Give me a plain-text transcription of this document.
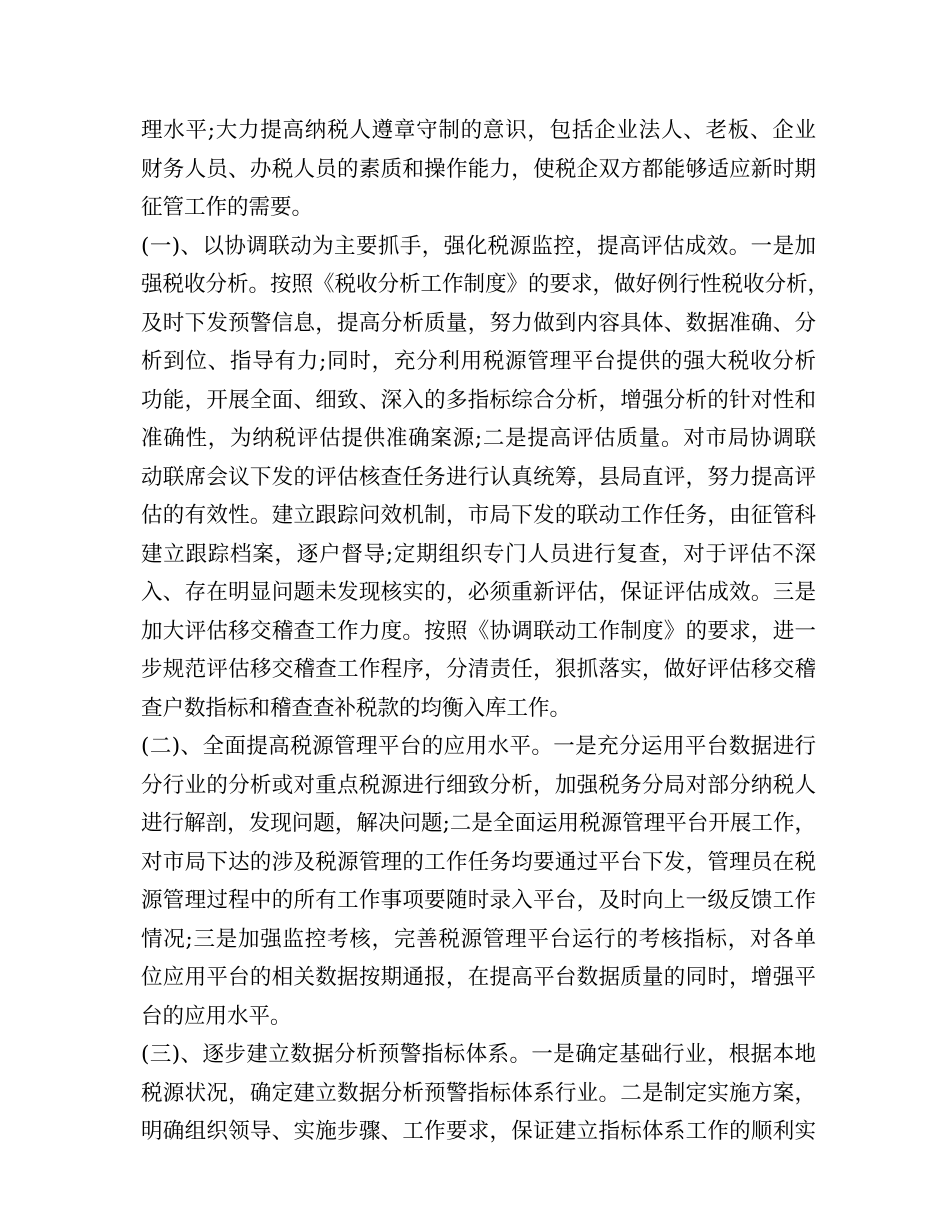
理水平;大力提高纳税人遵章守制的意识，包括企业法人、老板、企业
财务人员、办税人员的素质和操作能力，使税企双方都能够适应新时期
征管工作的需要。
(一)、以协调联动为主要抓手，强化税源监控，提高评估成效。一是加
强税收分析。按照《税收分析工作制度》的要求，做好例行性税收分析，
及时下发预警信息，提高分析质量，努力做到内容具体、数据准确、分
析到位、指导有力;同时，充分利用税源管理平台提供的强大税收分析
功能，开展全面、细致、深入的多指标综合分析，增强分析的针对性和
准确性，为纳税评估提供准确案源;二是提高评估质量。对市局协调联
动联席会议下发的评估核查任务进行认真统筹，县局直评，努力提高评
估的有效性。建立跟踪问效机制，市局下发的联动工作任务，由征管科
建立跟踪档案，逐户督导;定期组织专门人员进行复查，对于评估不深
入、存在明显问题未发现核实的，必须重新评估，保证评估成效。三是
加大评估移交稽查工作力度。按照《协调联动工作制度》的要求，进一
步规范评估移交稽查工作程序，分清责任，狠抓落实，做好评估移交稽
查户数指标和稽查查补税款的均衡入库工作。
(二)、全面提高税源管理平台的应用水平。一是充分运用平台数据进行
分行业的分析或对重点税源进行细致分析，加强税务分局对部分纳税人
进行解剖，发现问题，解决问题;二是全面运用税源管理平台开展工作，
对市局下达的涉及税源管理的工作任务均要通过平台下发，管理员在税
源管理过程中的所有工作事项要随时录入平台，及时向上一级反馈工作
情况;三是加强监控考核，完善税源管理平台运行的考核指标，对各单
位应用平台的相关数据按期通报，在提高平台数据质量的同时，增强平
台的应用水平。
(三)、逐步建立数据分析预警指标体系。一是确定基础行业，根据本地
税源状况，确定建立数据分析预警指标体系行业。二是制定实施方案，
明确组织领导、实施步骤、工作要求，保证建立指标体系工作的顺利实
